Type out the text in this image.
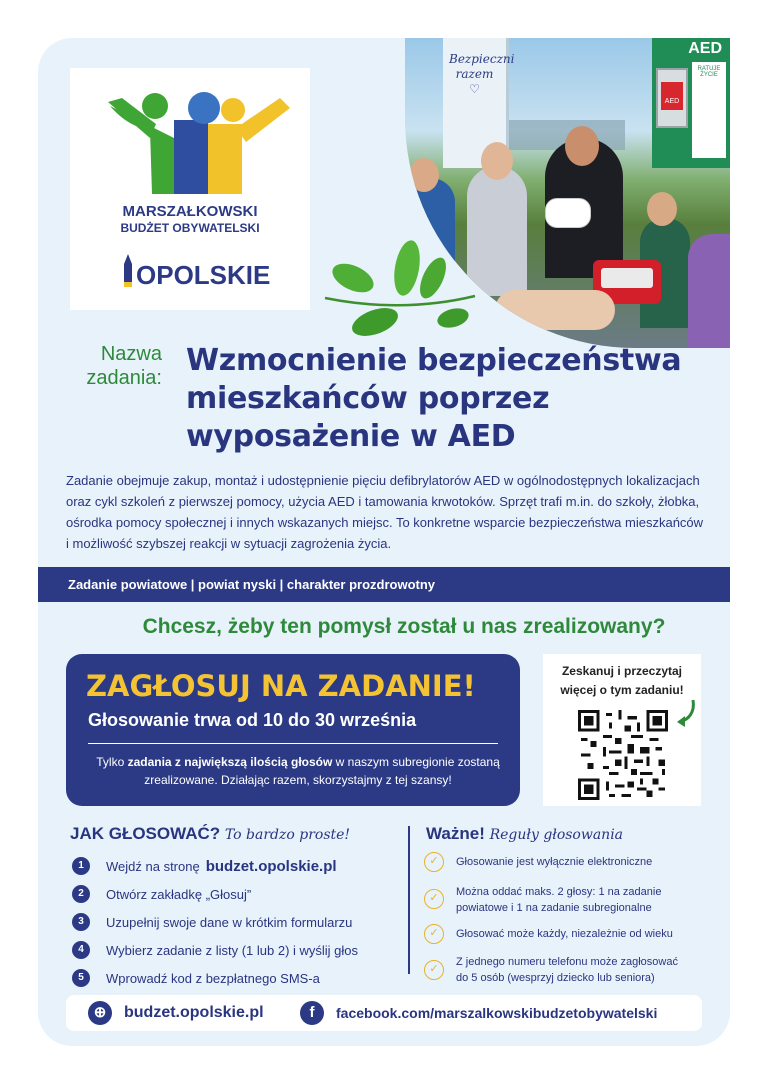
MARSZAŁKOWSKI
BUDŻET OBYWATELSKI
OPOLSKIE
Bezpieczni razem
♡
AED
RATUJE ŻYCIE
AED
Nazwa zadania: Wzmocnienie bezpieczeństwa mieszkańców poprzez wyposażenie w AED
Zadanie obejmuje zakup, montaż i udostępnienie pięciu defibrylatorów AED w ogólnodostępnych lokalizacjach oraz cykl szkoleń z pierwszej pomocy, użycia AED i tamowania krwotoków. Sprzęt trafi m.in. do szkoły, żłobka, ośrodka pomocy społecznej i innych wskazanych miejsc. To konkretne wsparcie bezpieczeństwa mieszkańców i możliwość szybszej reakcji w sytuacji zagrożenia życia.
Zadanie powiatowe | powiat nyski | charakter prozdrowotny
Chcesz, żeby ten pomysł został u nas zrealizowany?
ZAGŁOSUJ NA ZADANIE!
Głosowanie trwa od 10 do 30 września
Tylko zadania z największą ilością głosów w naszym subregionie zostaną zrealizowane. Działając razem, skorzystajmy z tej szansy!
Zeskanuj i przeczytaj więcej o tym zadaniu!
JAK GŁOSOWAĆ? To bardzo proste!
1	Wejdź na stronę budzet.opolskie.pl
2	Otwórz zakładkę „Głosuj”
3	Uzupełnij swoje dane w krótkim formularzu
4	Wybierz zadanie z listy (1 lub 2) i wyślij głos
5	Wprowadź kod z bezpłatnego SMS-a
Ważne! Reguły głosowania
✓	Głosowanie jest wyłącznie elektroniczne
✓	Można oddać maks. 2 głosy: 1 na zadanie powiatowe i 1 na zadanie subregionalne
✓	Głosować może każdy, niezależnie od wieku
✓
Z jednego numeru telefonu może zagłosować do 5 osób (wesprzyj dziecko lub seniora)
⊕	budzet.opolskie.pl	f	facebook.com/marszalkowskibudzetobywatelski
